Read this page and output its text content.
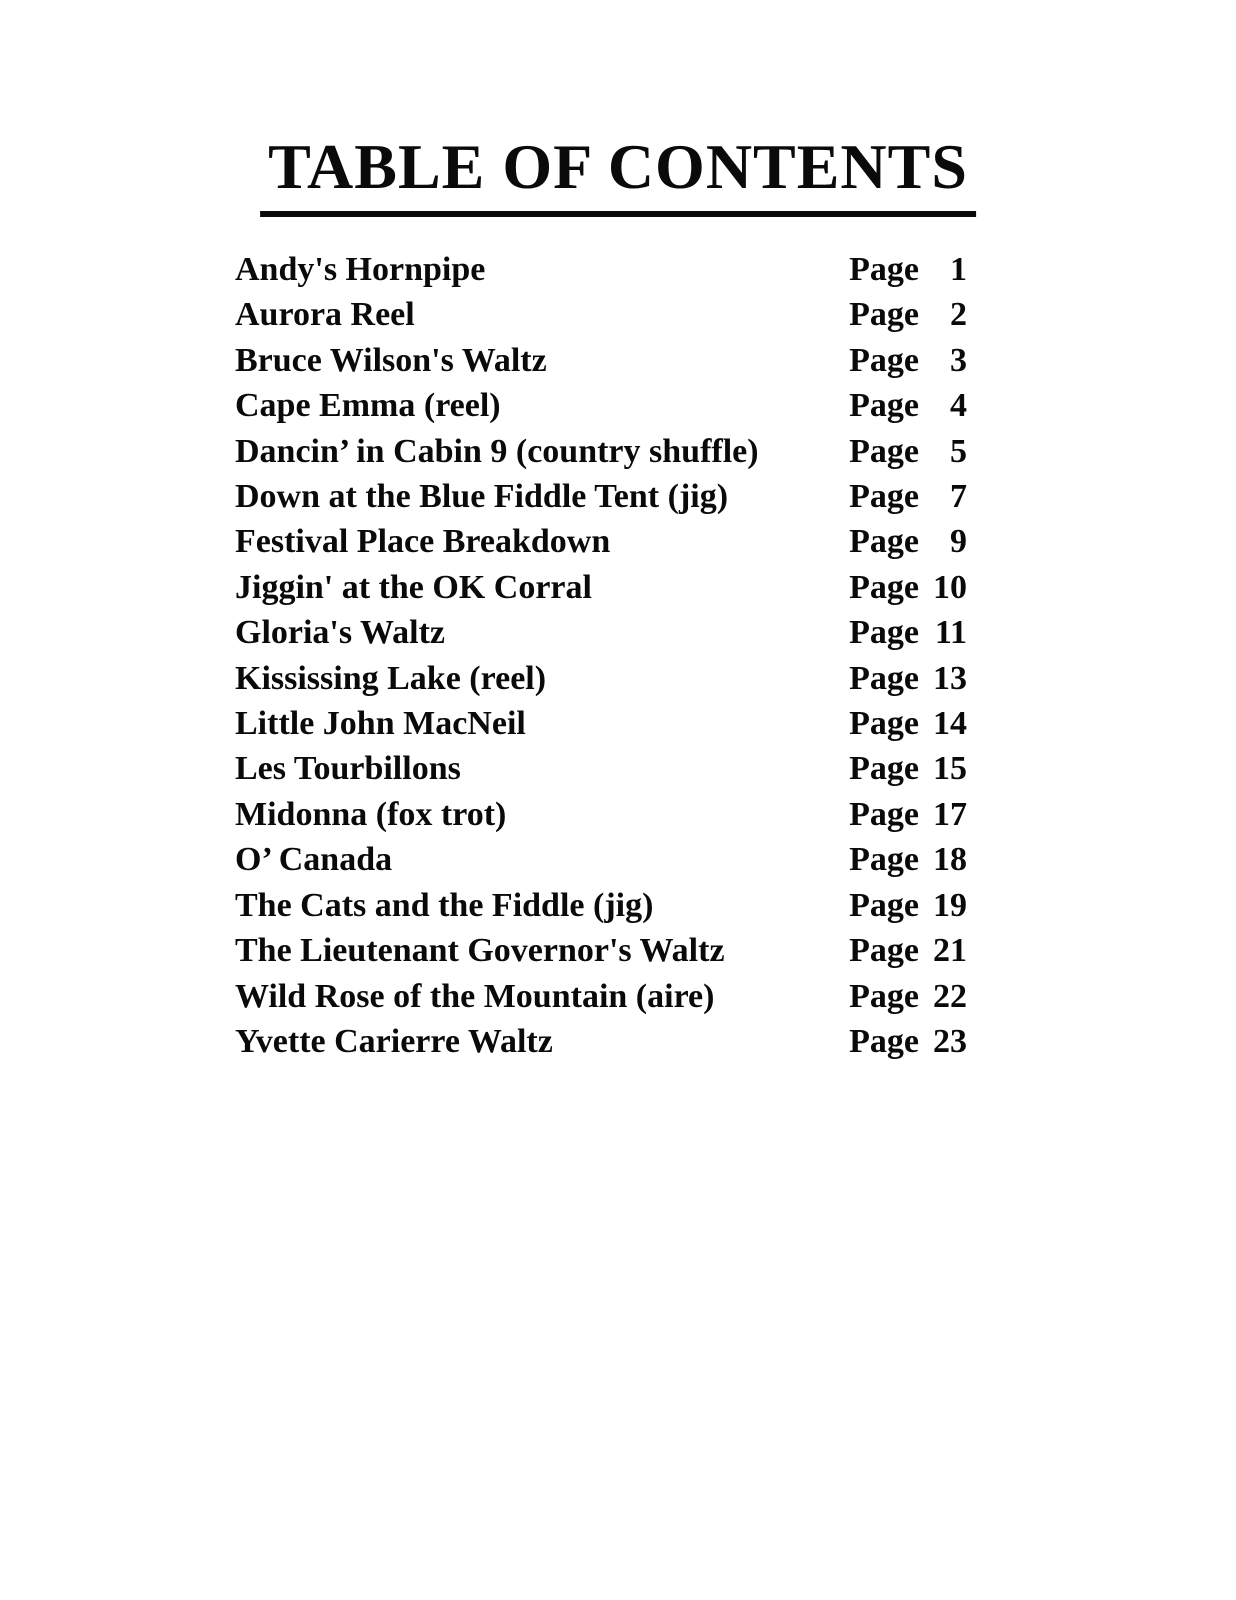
TABLE OF CONTENTS
Andy's Hornpipe	Page 1
Aurora Reel	Page 2
Bruce Wilson's Waltz	Page 3
Cape Emma (reel)	Page 4
Dancin’ in Cabin 9 (country shuffle)	Page 5
Down at the Blue Fiddle Tent (jig)	Page 7
Festival Place Breakdown	Page 9
Jiggin' at the OK Corral	Page 10
Gloria's Waltz	Page 11
Kississing Lake (reel)	Page 13
Little John MacNeil	Page 14
Les Tourbillons	Page 15
Midonna (fox trot)	Page 17
O’ Canada	Page 18
The Cats and the Fiddle (jig)	Page 19
The Lieutenant Governor's Waltz	Page 21
Wild Rose of the Mountain (aire)	Page 22
Yvette Carierre Waltz	Page 23
